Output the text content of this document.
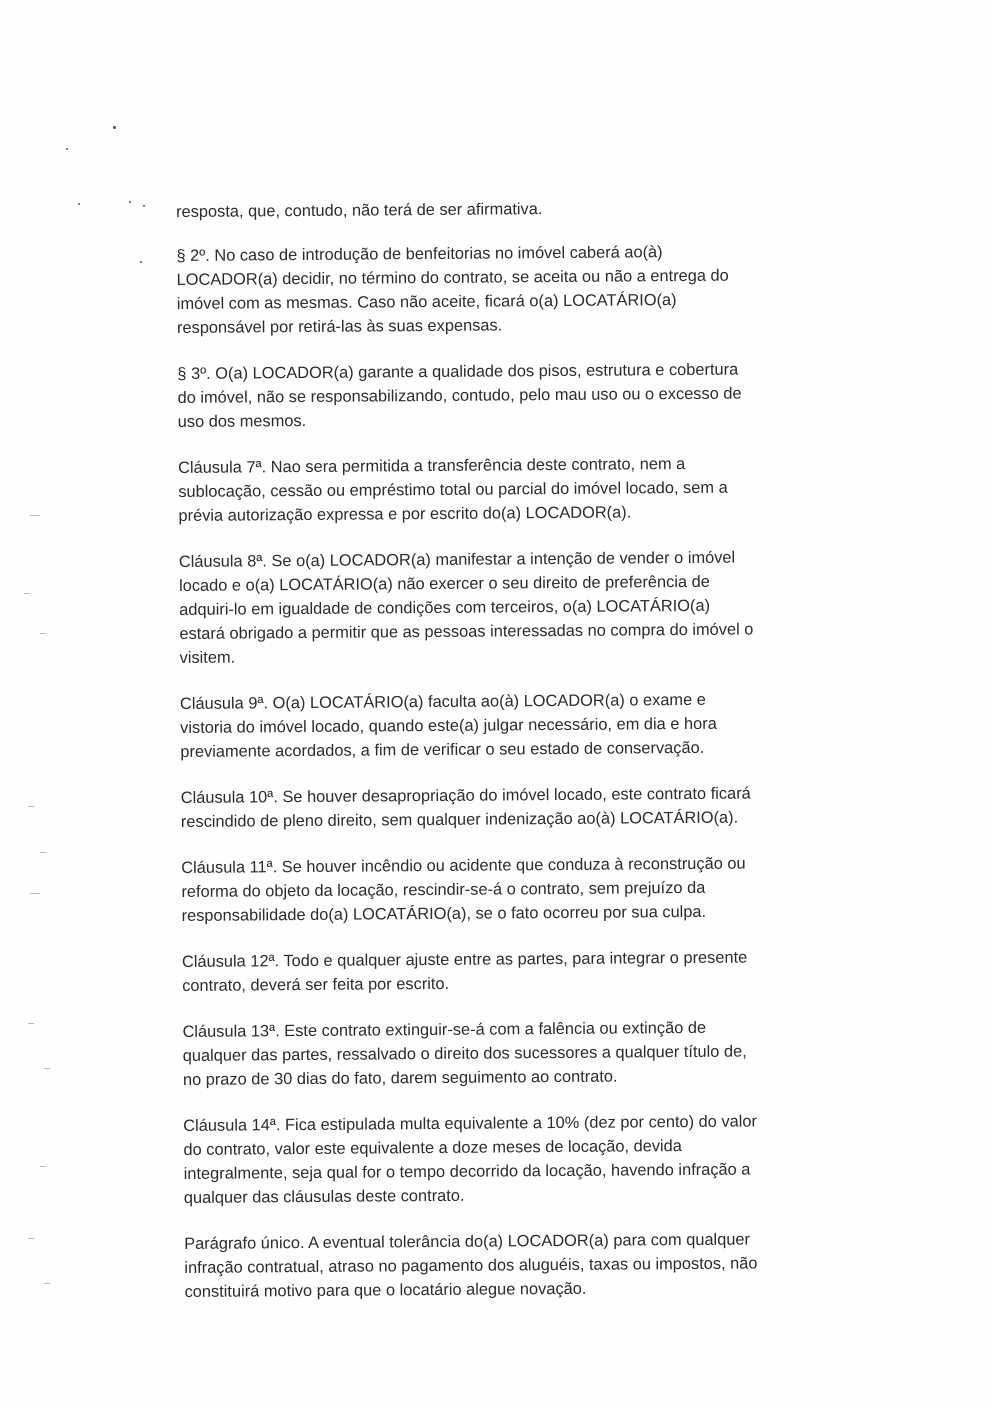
resposta, que, contudo, não terá de ser afirmativa.

§ 2º. No caso de introdução de benfeitorias no imóvel caberá ao(à)
LOCADOR(a) decidir, no término do contrato, se aceita ou não a entrega do
imóvel com as mesmas. Caso não aceite, ficará o(a) LOCATÁRIO(a)
responsável por retirá-las às suas expensas.

§ 3º. O(a) LOCADOR(a) garante a qualidade dos pisos, estrutura e cobertura
do imóvel, não se responsabilizando, contudo, pelo mau uso ou o excesso de
uso dos mesmos.

Cláusula 7ª. Nao sera permitida a transferência deste contrato, nem a
sublocação, cessão ou empréstimo total ou parcial do imóvel locado, sem a
prévia autorização expressa e por escrito do(a) LOCADOR(a).

Cláusula 8ª. Se o(a) LOCADOR(a) manifestar a intenção de vender o imóvel
locado e o(a) LOCATÁRIO(a) não exercer o seu direito de preferência de
adquiri-lo em igualdade de condições com terceiros, o(a) LOCATÁRIO(a)
estará obrigado a permitir que as pessoas interessadas no compra do imóvel o
visitem.

Cláusula 9ª. O(a) LOCATÁRIO(a) faculta ao(à) LOCADOR(a) o exame e
vistoria do imóvel locado, quando este(a) julgar necessário, em dia e hora
previamente acordados, a fim de verificar o seu estado de conservação.

Cláusula 10ª. Se houver desapropriação do imóvel locado, este contrato ficará
rescindido de pleno direito, sem qualquer indenização ao(à) LOCATÁRIO(a).

Cláusula 11ª. Se houver incêndio ou acidente que conduza à reconstrução ou
reforma do objeto da locação, rescindir-se-á o contrato, sem prejuízo da
responsabilidade do(a) LOCATÁRIO(a), se o fato ocorreu por sua culpa.

Cláusula 12ª. Todo e qualquer ajuste entre as partes, para integrar o presente
contrato, deverá ser feita por escrito.

Cláusula 13ª. Este contrato extinguir-se-á com a falência ou extinção de
qualquer das partes, ressalvado o direito dos sucessores a qualquer título de,
no prazo de 30 dias do fato, darem seguimento ao contrato.

Cláusula 14ª. Fica estipulada multa equivalente a 10% (dez por cento) do valor
do contrato, valor este equivalente a doze meses de locação, devida
integralmente, seja qual for o tempo decorrido da locação, havendo infração a
qualquer das cláusulas deste contrato.

Parágrafo único. A eventual tolerância do(a) LOCADOR(a) para com qualquer
infração contratual, atraso no pagamento dos aluguéis, taxas ou impostos, não
constituirá motivo para que o locatário alegue novação.
